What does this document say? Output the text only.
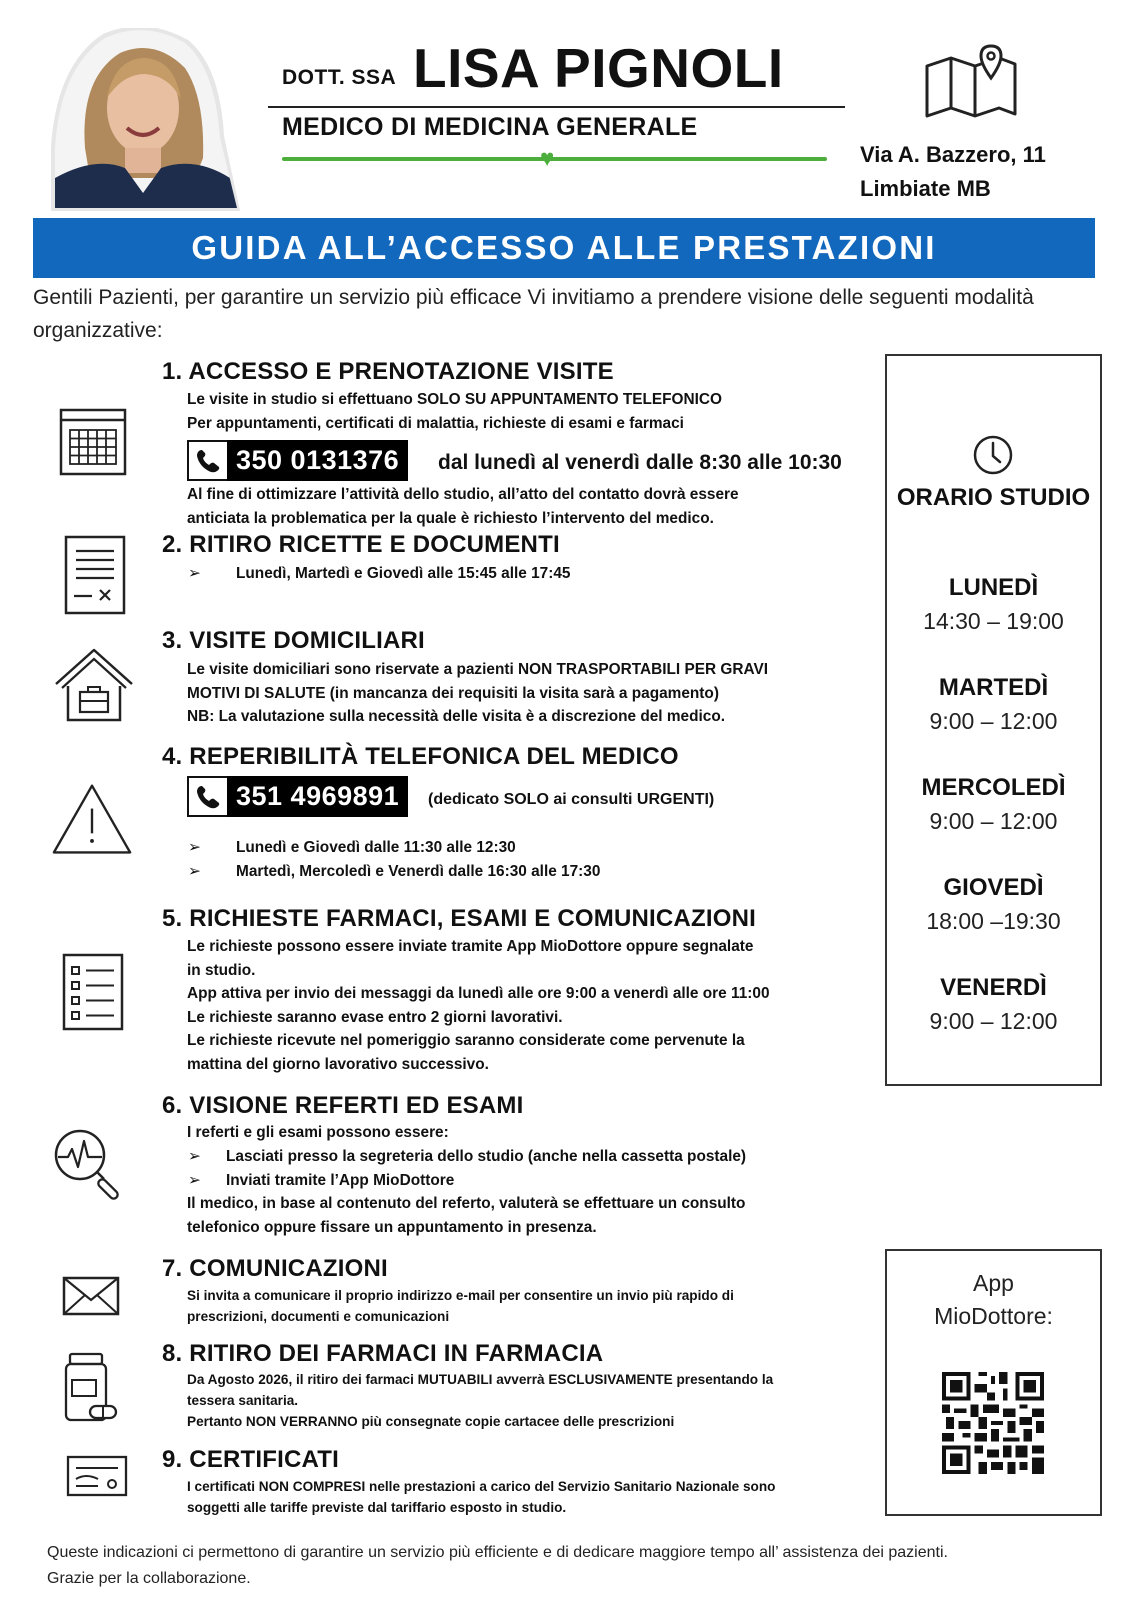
DOTT. SSA LISA PIGNOLI
MEDICO DI MEDICINA GENERALE
♥	Via A. Bazzero, 11
Limbiate MB
GUIDA ALL’ACCESSO ALLE PRESTAZIONI
Gentili Pazienti, per garantire un servizio più efficace Vi invitiamo a prendere visione delle seguenti modalità organizzative:
1. ACCESSO E PRENOTAZIONE VISITE
Le visite in studio si effettuano SOLO SU APPUNTAMENTO TELEFONICO
Per appuntamenti, certificati di malattia, richieste di esami e farmaci
350 0131376	dal lunedì al venerdì dalle 8:30 alle 10:30
Al fine di ottimizzare l’attività dello studio, all’atto del contatto dovrà essere
anticiata la problematica per la quale è richiesto l’intervento del medico.
2. RITIRO RICETTE E DOCUMENTI
➢ Lunedì, Martedì e Giovedì alle 15:45 alle 17:45
3. VISITE DOMICILIARI
Le visite domiciliari sono riservate a pazienti NON TRASPORTABILI PER GRAVI
MOTIVI DI SALUTE (in mancanza dei requisiti la visita sarà a pagamento)
NB: La valutazione sulla necessità delle visita è a discrezione del medico.
4. REPERIBILITÀ TELEFONICA DEL MEDICO
351 4969891	(dedicato SOLO ai consulti URGENTI)
➢ Lunedì e Giovedì dalle 11:30 alle 12:30
➢ Martedì, Mercoledì e Venerdì dalle 16:30 alle 17:30
5. RICHIESTE FARMACI, ESAMI E COMUNICAZIONI
Le richieste possono essere inviate tramite App MioDottore oppure segnalate
in studio.
App attiva per invio dei messaggi da lunedì alle ore 9:00 a venerdì alle ore 11:00
Le richieste saranno evase entro 2 giorni lavorativi.
Le richieste ricevute nel pomeriggio saranno considerate come pervenute la
mattina del giorno lavorativo successivo.
6. VISIONE REFERTI ED ESAMI
I referti e gli esami possono essere:
➢ Lasciati presso la segreteria dello studio (anche nella cassetta postale)
➢ Inviati tramite l’App MioDottore
Il medico, in base al contenuto del referto, valuterà se effettuare un consulto
telefonico oppure fissare un appuntamento in presenza.
7. COMUNICAZIONI
Si invita a comunicare il proprio indirizzo e-mail per consentire un invio più rapido di
prescrizioni, documenti e comunicazioni
8. RITIRO DEI FARMACI IN FARMACIA
Da Agosto 2026, il ritiro dei farmaci MUTUABILI avverrà ESCLUSIVAMENTE presentando la
tessera sanitaria.
Pertanto NON VERRANNO più consegnate copie cartacee delle prescrizioni
9. CERTIFICATI
I certificati NON COMPRESI nelle prestazioni a carico del Servizio Sanitario Nazionale sono
soggetti alle tariffe previste dal tariffario esposto in studio.
ORARIO STUDIO
LUNEDÌ
14:30 – 19:00
MARTEDÌ
9:00 – 12:00
MERCOLEDÌ
9:00 – 12:00
GIOVEDÌ
18:00 –19:30
VENERDÌ
9:00 – 12:00
App
MioDottore:
Queste indicazioni ci permettono di garantire un servizio più efficiente e di dedicare maggiore tempo all’ assistenza dei pazienti.
Grazie per la collaborazione.
